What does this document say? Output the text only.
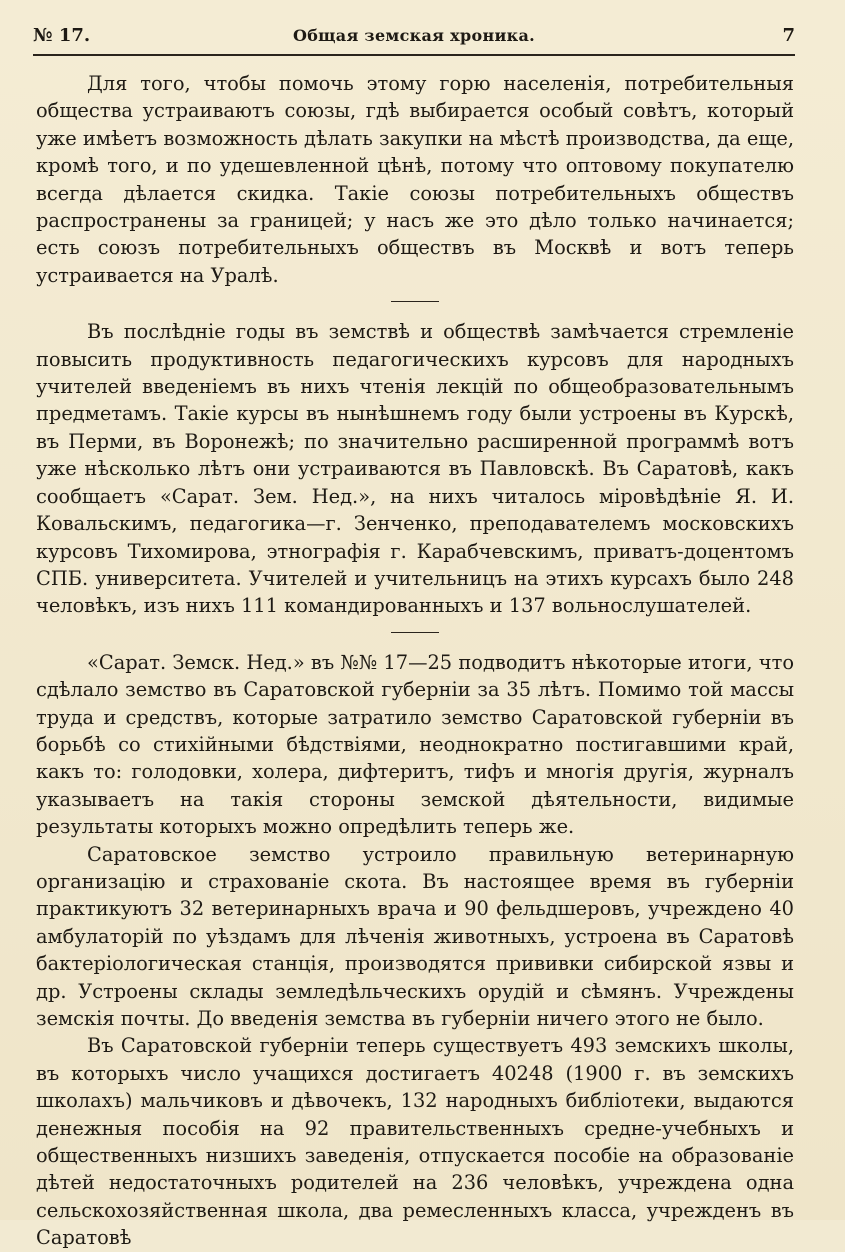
№ 17.	Общая земская хроника.	7

Для того, чтобы помочь этому горю населенія, потребительныя общества устраиваютъ союзы, гдѣ выбирается особый совѣтъ, который уже имѣетъ возможность дѣлать закупки на мѣстѣ производства, да еще, кромѣ того, и по удешевленной цѣнѣ, потому что оптовому покупателю всегда дѣлается скидка. Такіе союзы потребительныхъ обществъ распространены за границей; у насъ же это дѣло только начинается; есть союзъ потребительныхъ обществъ въ Москвѣ и вотъ теперь устраивается на Уралѣ.

Въ послѣдніе годы въ земствѣ и обществѣ замѣчается стремленіе повысить продуктивность педагогическихъ курсовъ для народныхъ учителей введеніемъ въ нихъ чтенія лекцій по общеобразовательнымъ предметамъ. Такіе курсы въ нынѣшнемъ году были устроены въ Курскѣ, въ Перми, въ Воронежѣ; по значительно расширенной программѣ вотъ уже нѣсколько лѣтъ они устраиваются въ Павловскѣ. Въ Саратовѣ, какъ сообщаетъ «Сарат. Зем. Нед.», на нихъ читалось міровѣдѣніе Я. И. Ковальскимъ, педагогика—г. Зенченко, преподавателемъ московскихъ курсовъ Тихомирова, этнографія г. Карабчевскимъ, приватъ-доцентомъ СПБ. университета. Учителей и учительницъ на этихъ курсахъ было 248 человѣкъ, изъ нихъ 111 командированныхъ и 137 вольнослушателей.

«Сарат. Земск. Нед.» въ №№ 17—25 подводитъ нѣкоторые итоги, что сдѣлало земство въ Саратовской губерніи за 35 лѣтъ. Помимо той массы труда и средствъ, которые затратило земство Саратовской губерніи въ борьбѣ со стихійными бѣдствіями, неоднократно постигавшими край, какъ то: голодовки, холера, дифтеритъ, тифъ и многія другія, журналъ указываетъ на такія стороны земской дѣятельности, видимые результаты которыхъ можно опредѣлить теперь же.

Саратовское земство устроило правильную ветеринарную организацію и страхованіе скота. Въ настоящее время въ губерніи практикуютъ 32 ветеринарныхъ врача и 90 фельдшеровъ, учреждено 40 амбулаторій по уѣздамъ для лѣченія животныхъ, устроена въ Саратовѣ бактеріологическая станція, производятся прививки сибирской язвы и др. Устроены склады земледѣльческихъ орудій и сѣмянъ. Учреждены земскія почты. До введенія земства въ губерніи ничего этого не было.

Въ Саратовской губерніи теперь существуетъ 493 земскихъ школы, въ которыхъ число учащихся достигаетъ 40248 (1900 г. въ земскихъ школахъ) мальчиковъ и дѣвочекъ, 132 народныхъ библіотеки, выдаются денежныя пособія на 92 правительственныхъ средне-учебныхъ и общественныхъ низшихъ заведенія, отпускается пособіе на образованіе дѣтей недостаточныхъ родителей на 236 человѣкъ, учреждена одна сельскохозяйственная школа, два ремесленныхъ класса, учрежденъ въ Саратовѣ
